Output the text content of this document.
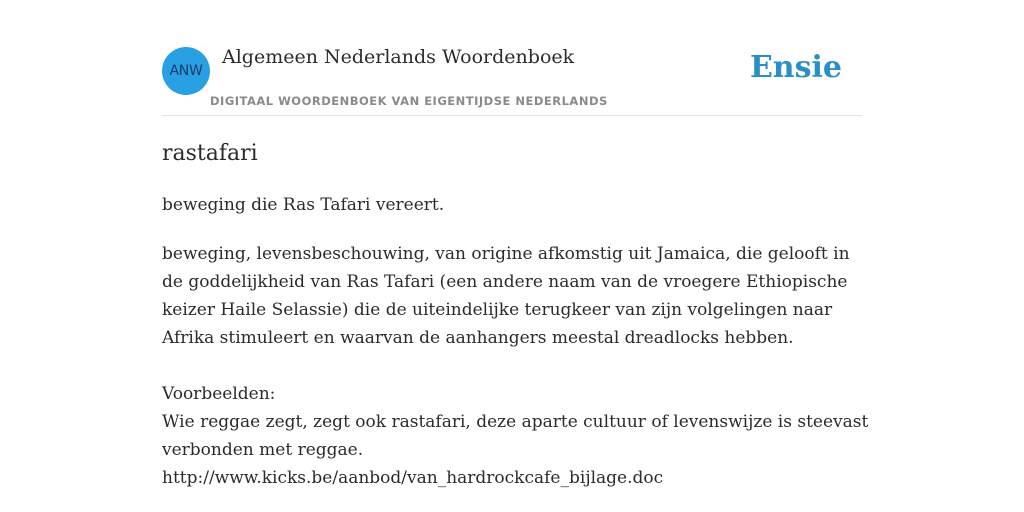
ANW
Algemeen Nederlands Woordenboek
DIGITAAL WOORDENBOEK VAN EIGENTIJDSE NEDERLANDS
Ensie
rastafari
beweging die Ras Tafari vereert.
beweging, levensbeschouwing, van origine afkomstig uit Jamaica, die gelooft in
de goddelijkheid van Ras Tafari (een andere naam van de vroegere Ethiopische
keizer Haile Selassie) die de uiteindelijke terugkeer van zijn volgelingen naar
Afrika stimuleert en waarvan de aanhangers meestal dreadlocks hebben.
Voorbeelden:
Wie reggae zegt, zegt ook rastafari, deze aparte cultuur of levenswijze is steevast
verbonden met reggae.
http://www.kicks.be/aanbod/van_hardrockcafe_bijlage.doc
